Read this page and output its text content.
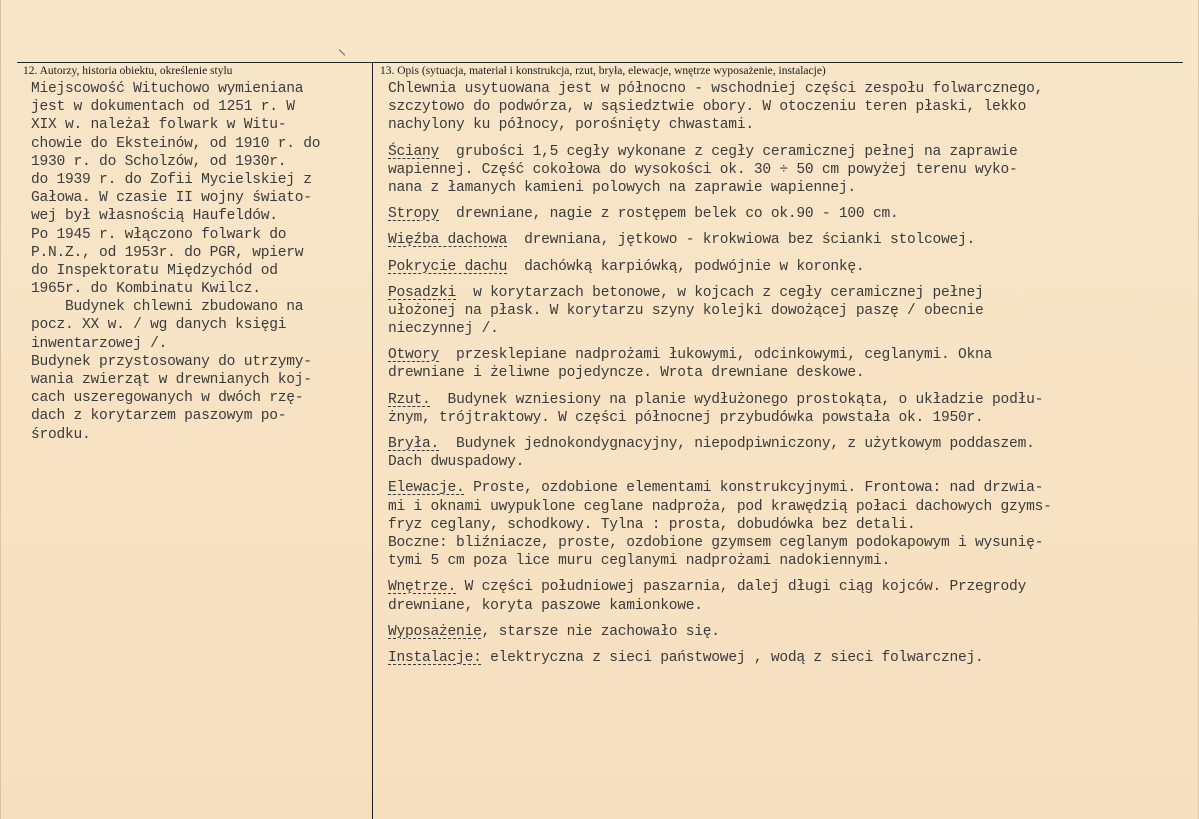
12. Autorzy, historia obiektu, określenie stylu	13. Opis (sytuacja, materiał i konstrukcja, rzut, bryła, elewacje, wnętrze wyposażenie, instalacje)
Miejscowość Wituchowo wymieniana
jest w dokumentach od 1251 r. W
XIX w. należał folwark w Witu-
chowie do Eksteinów, od 1910 r. do
1930 r. do Scholzów, od 1930r.
do 1939 r. do Zofii Mycielskiej z
Gałowa. W czasie II wojny świato-
wej był własnością Haufeldów.
Po 1945 r. włączono folwark do
P.N.Z., od 1953r. do PGR, wpierw
do Inspektoratu Międzychód od
1965r. do Kombinatu Kwilcz.
Budynek chlewni zbudowano na
pocz. XX w. / wg danych księgi
inwentarzowej /.
Budynek przystosowany do utrzymy-
wania zwierząt w drewnianych koj-
cach uszeregowanych w dwóch rzę-
dach z korytarzem paszowym po-
środku.
Chlewnia usytuowana jest w północno - wschodniej części zespołu folwarcznego,
szczytowo do podwórza, w sąsiedztwie obory. W otoczeniu teren płaski, lekko
nachylony ku północy, porośnięty chwastami.
Ściany  grubości 1,5 cegły wykonane z cegły ceramicznej pełnej na zaprawie
wapiennej. Część cokołowa do wysokości ok. 30 ÷ 50 cm powyżej terenu wyko-
nana z łamanych kamieni polowych na zaprawie wapiennej.
Stropy  drewniane, nagie z rostępem belek co ok.90 - 100 cm.
Więźba dachowa  drewniana, jętkowo - krokwiowa bez ścianki stolcowej.
Pokrycie dachu  dachówką karpiówką, podwójnie w koronkę.
Posadzki  w korytarzach betonowe, w kojcach z cegły ceramicznej pełnej
ułożonej na płask. W korytarzu szyny kolejki dowożącej paszę / obecnie
nieczynnej /.
Otwory  przesklepiane nadprożami łukowymi, odcinkowymi, ceglanymi. Okna
drewniane i żeliwne pojedyncze. Wrota drewniane deskowe.
Rzut.  Budynek wzniesiony na planie wydłużonego prostokąta, o układzie podłu-
żnym, trójtraktowy. W części północnej przybudówka powstała ok. 1950r.
Bryła.  Budynek jednokondygnacyjny, niepodpiwniczony, z użytkowym poddaszem.
Dach dwuspadowy.
Elewacje. Proste, ozdobione elementami konstrukcyjnymi. Frontowa: nad drzwia-
mi i oknami uwypuklone ceglane nadproża, pod krawędzią połaci dachowych gzyms-
fryz ceglany, schodkowy. Tylna : prosta, dobudówka bez detali.
Boczne: bliźniacze, proste, ozdobione gzymsem ceglanym podokapowym i wysunię-
tymi 5 cm poza lice muru ceglanymi nadprożami nadokiennymi.
Wnętrze. W części południowej paszarnia, dalej długi ciąg kojców. Przegrody
drewniane, koryta paszowe kamionkowe.
Wyposażenie, starsze nie zachowało się.
Instalacje: elektryczna z sieci państwowej , wodą z sieci folwarcznej.
